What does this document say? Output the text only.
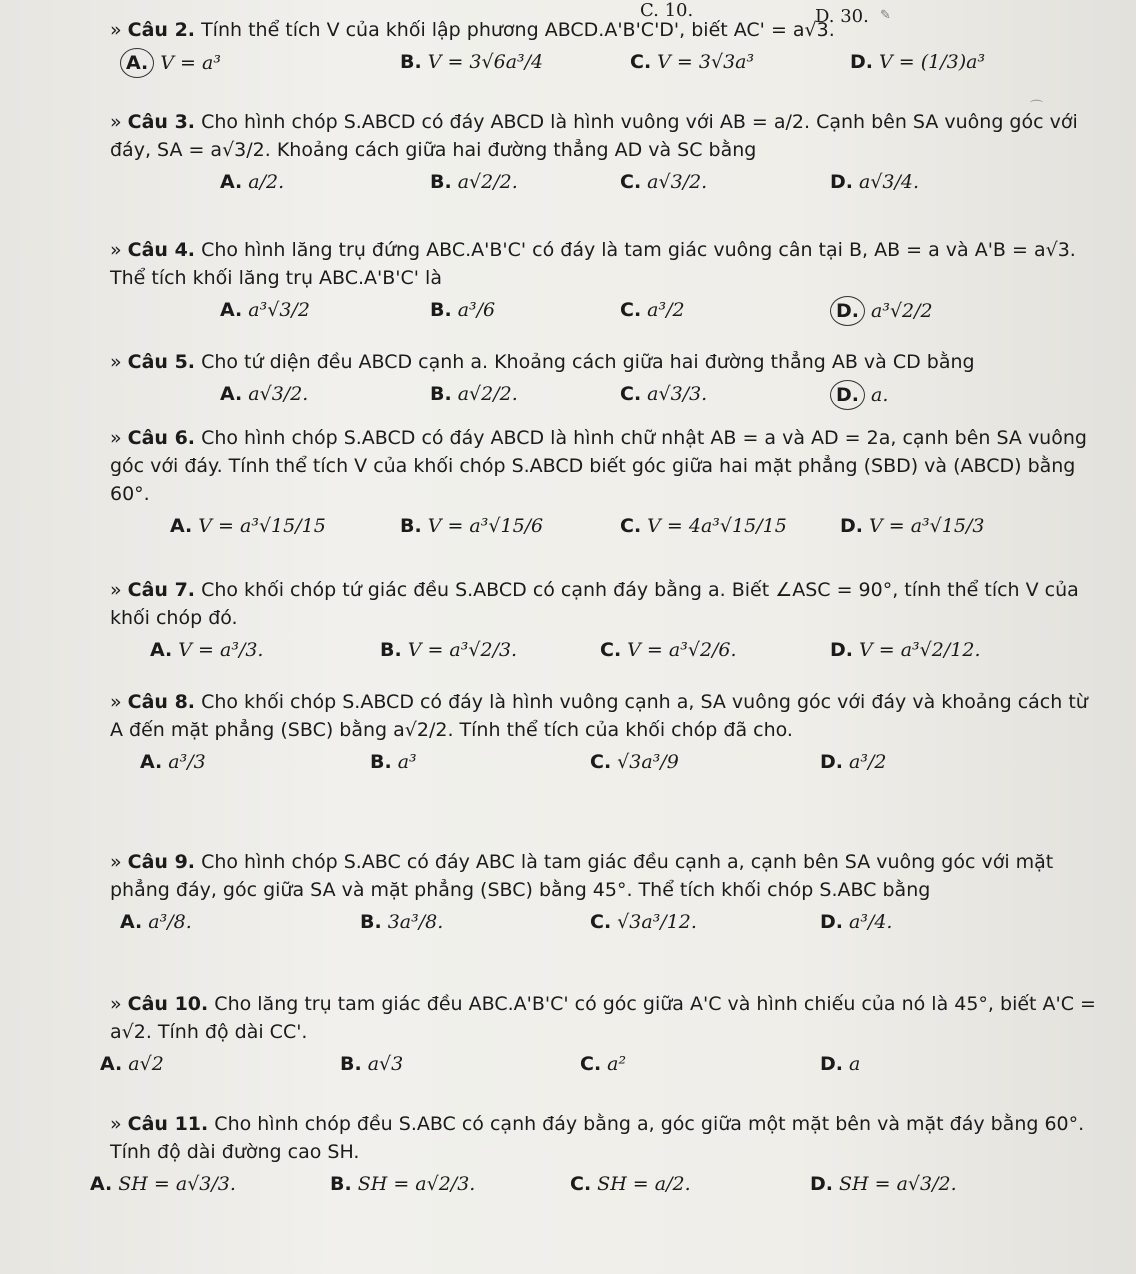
C. 10.	D. 30. ✎
⌒
» Câu 2. Tính thể tích V của khối lập phương ABCD.A'B'C'D', biết AC' = a√3.
A. V = a³	B. V = 3√6a³/4	C. V = 3√3a³	D. V = (1/3)a³
» Câu 3. Cho hình chóp S.ABCD có đáy ABCD là hình vuông với AB = a/2. Cạnh bên SA vuông góc với đáy, SA = a√3/2. Khoảng cách giữa hai đường thẳng AD và SC bằng
A. a/2.	B. a√2/2.	C. a√3/2.	D. a√3/4.
» Câu 4. Cho hình lăng trụ đứng ABC.A'B'C' có đáy là tam giác vuông cân tại B, AB = a và A'B = a√3. Thể tích khối lăng trụ ABC.A'B'C' là
A. a³√3/2	B. a³/6	C. a³/2	D. a³√2/2
» Câu 5. Cho tứ diện đều ABCD cạnh a. Khoảng cách giữa hai đường thẳng AB và CD bằng
A. a√3/2.	B. a√2/2.	C. a√3/3.	D. a.
» Câu 6. Cho hình chóp S.ABCD có đáy ABCD là hình chữ nhật AB = a và AD = 2a, cạnh bên SA vuông góc với đáy. Tính thể tích V của khối chóp S.ABCD biết góc giữa hai mặt phẳng (SBD) và (ABCD) bằng 60°.
A. V = a³√15/15	B. V = a³√15/6	C. V = 4a³√15/15	D. V = a³√15/3
» Câu 7. Cho khối chóp tứ giác đều S.ABCD có cạnh đáy bằng a. Biết ∠ASC = 90°, tính thể tích V của khối chóp đó.
A. V = a³/3.	B. V = a³√2/3.	C. V = a³√2/6.	D. V = a³√2/12.
» Câu 8. Cho khối chóp S.ABCD có đáy là hình vuông cạnh a, SA vuông góc với đáy và khoảng cách từ A đến mặt phẳng (SBC) bằng a√2/2. Tính thể tích của khối chóp đã cho.
A. a³/3	B. a³	C. √3a³/9	D. a³/2
» Câu 9. Cho hình chóp S.ABC có đáy ABC là tam giác đều cạnh a, cạnh bên SA vuông góc với mặt phẳng đáy, góc giữa SA và mặt phẳng (SBC) bằng 45°. Thể tích khối chóp S.ABC bằng
A. a³/8.	B. 3a³/8.	C. √3a³/12.	D. a³/4.
» Câu 10. Cho lăng trụ tam giác đều ABC.A'B'C' có góc giữa A'C và hình chiếu của nó là 45°, biết A'C = a√2. Tính độ dài CC'.
A. a√2	B. a√3	C. a²	D. a
» Câu 11. Cho hình chóp đều S.ABC có cạnh đáy bằng a, góc giữa một mặt bên và mặt đáy bằng 60°. Tính độ dài đường cao SH.
A. SH = a√3/3.	B. SH = a√2/3.	C. SH = a/2.	D. SH = a√3/2.
